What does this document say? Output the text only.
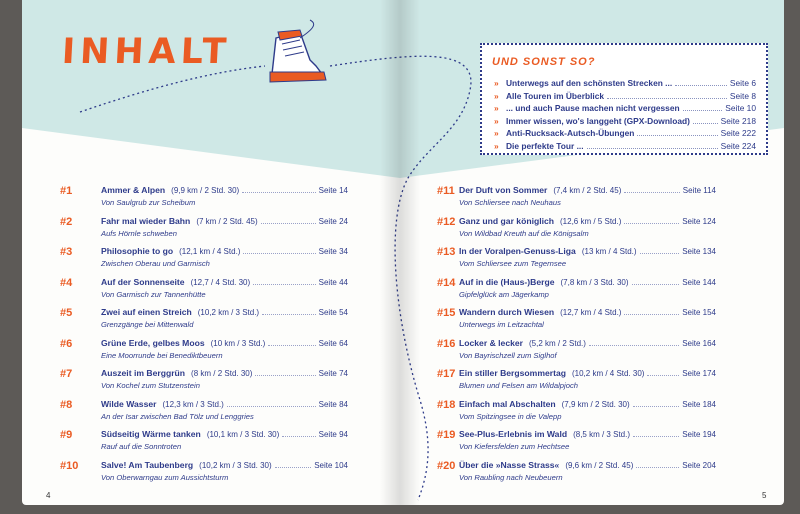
INHALT	UND SONST SO?
» Unterwegs auf den schönsten Strecken ...	Seite 6
» Alle Touren im Überblick	Seite 8
» ... und auch Pause machen nicht vergessen	Seite 10
» Immer wissen, wo's langgeht (GPX-Download)	Seite 218
» Anti-Rucksack-Autsch-Übungen	Seite 222
» Die perfekte Tour ...	Seite 224
#1	Ammer & Alpen (9,9 km / 2 Std. 30)	Seite 14
Von Saulgrub zur Scheibum
#2	Fahr mal wieder Bahn (7 km / 2 Std. 45)	Seite 24
Aufs Hörnle schweben
#3	Philosophie to go (12,1 km / 4 Std.)	Seite 34
Zwischen Oberau und Garmisch
#4	Auf der Sonnenseite (12,7 / 4 Std. 30)	Seite 44
Von Garmisch zur Tannenhütte
#5	Zwei auf einen Streich (10,2 km / 3 Std.)	Seite 54
Grenzgänge bei Mittenwald
#6	Grüne Erde, gelbes Moos (10 km / 3 Std.)	Seite 64
Eine Moorrunde bei Benediktbeuern
#7	Auszeit im Berggrün (8 km / 2 Std. 30)	Seite 74
Von Kochel zum Stutzenstein
#8	Wilde Wasser (12,3 km / 3 Std.)	Seite 84
An der Isar zwischen Bad Tölz und Lenggries
#9	Südseitig Wärme tanken (10,1 km / 3 Std. 30)	Seite 94
Rauf auf die Sonntroten
#10	Salve! Am Taubenberg (10,2 km / 3 Std. 30)	Seite 104
Von Oberwarngau zum Aussichtsturm
#11 Der Duft von Sommer (7,4 km / 2 Std. 45)	Seite 114
Von Schliersee nach Neuhaus
#12 Ganz und gar königlich (12,6 km / 5 Std.)	Seite 124
Von Wildbad Kreuth auf die Königsalm
#13 In der Voralpen-Genuss-Liga (13 km / 4 Std.)	Seite 134
Vom Schliersee zum Tegernsee
#14 Auf in die (Haus-)Berge (7,8 km / 3 Std. 30)	Seite 144
Gipfelglück am Jägerkamp
#15 Wandern durch Wiesen (12,7 km / 4 Std.)	Seite 154
Unterwegs im Leitzachtal
#16 Locker & lecker (5,2 km / 2 Std.)	Seite 164
Von Bayrischzell zum Siglhof
#17 Ein stiller Bergsommertag (10,2 km / 4 Std. 30)	Seite 174
Blumen und Felsen am Wildalpjoch
#18 Einfach mal Abschalten (7,9 km / 2 Std. 30)	Seite 184
Vom Spitzingsee in die Valepp
#19 See-Plus-Erlebnis im Wald (8,5 km / 3 Std.)	Seite 194
Von Kiefersfelden zum Hechtsee
#20 Über die »Nasse Strass« (9,6 km / 2 Std. 45)	Seite 204
Von Raubling nach Neubeuern
4	5
